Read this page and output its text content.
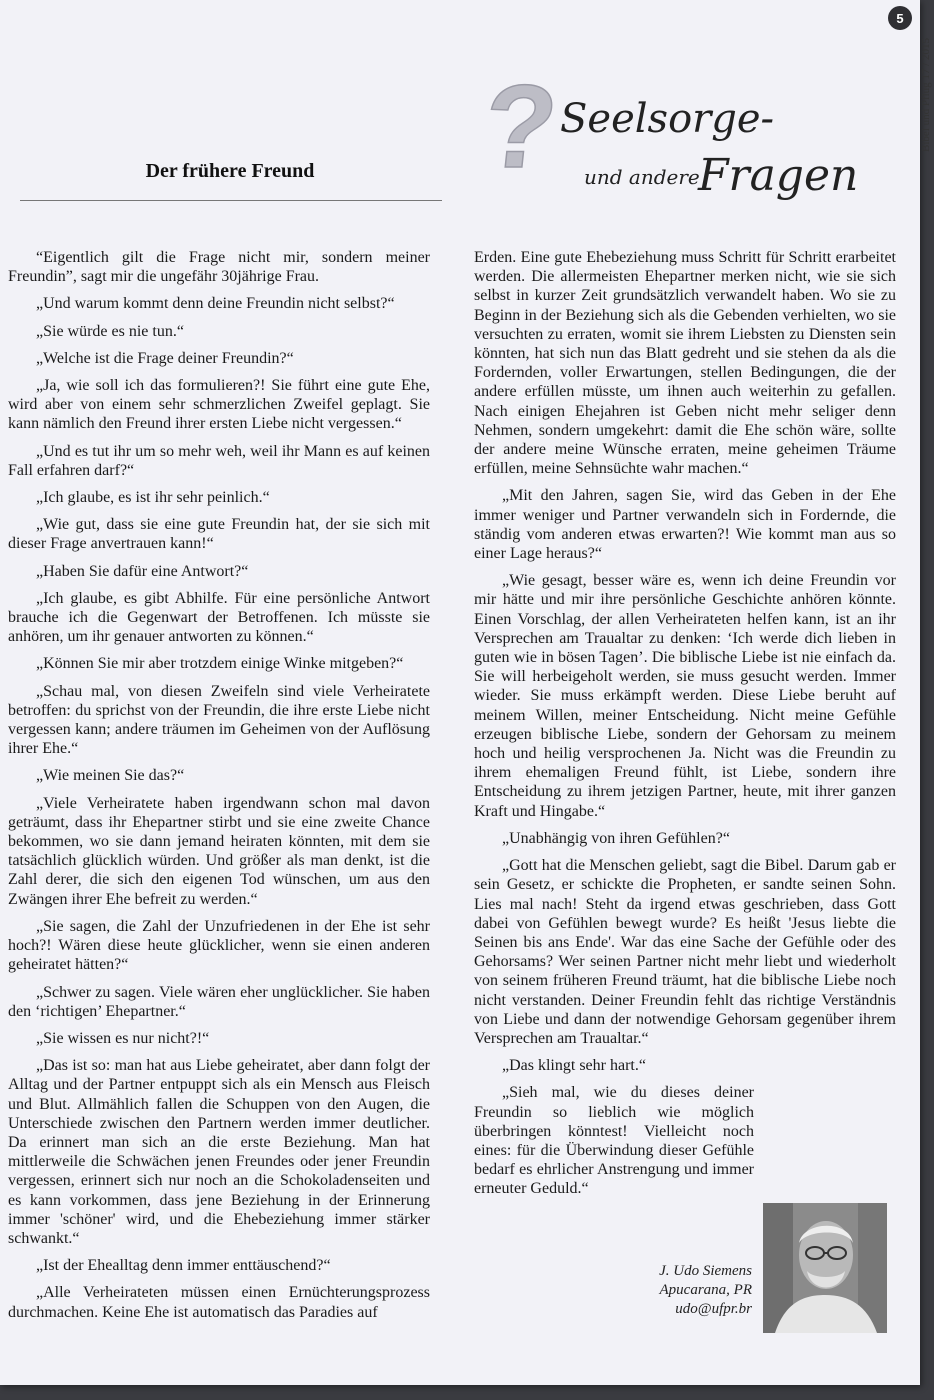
5
Bibel und Pflug 17 / 2015
?
Seelsorge-
und andere
Fragen
Der frühere Freund

“Eigentlich gilt die Frage nicht mir, sondern meiner Freundin”, sagt mir die ungefähr 30jährige Frau.

„Und warum kommt denn deine Freundin nicht selbst?“

„Sie würde es nie tun.“

„Welche ist die Frage deiner Freundin?“

„Ja, wie soll ich das formulieren?! Sie führt eine gute Ehe, wird aber von einem sehr schmerzlichen Zweifel geplagt. Sie kann nämlich den Freund ihrer ersten Liebe nicht vergessen.“

„Und es tut ihr um so mehr weh, weil ihr Mann es auf keinen Fall erfahren darf?“

„Ich glaube, es ist ihr sehr peinlich.“

„Wie gut, dass sie eine gute Freundin hat, der sie sich mit dieser Frage anvertrauen kann!“

„Haben Sie dafür eine Antwort?“

„Ich glaube, es gibt Abhilfe. Für eine persönliche Antwort brauche ich die Gegenwart der Betroffenen. Ich müsste sie anhören, um ihr genauer antworten zu können.“

„Können Sie mir aber trotzdem einige Winke mitgeben?“

„Schau mal, von diesen Zweifeln sind viele Verheiratete betroffen: du sprichst von der Freundin, die ihre erste Liebe nicht vergessen kann; andere träumen im Geheimen von der Auflösung ihrer Ehe.“

„Wie meinen Sie das?“

„Viele Verheiratete haben irgendwann schon mal davon geträumt, dass ihr Ehepartner stirbt und sie eine zweite Chance bekommen, wo sie dann jemand heiraten könnten, mit dem sie tatsächlich glücklich würden. Und größer als man denkt, ist die Zahl derer, die sich den eigenen Tod wünschen, um aus den Zwängen ihrer Ehe befreit zu werden.“

„Sie sagen, die Zahl der Unzufriedenen in der Ehe ist sehr hoch?! Wären diese heute glücklicher, wenn sie einen anderen geheiratet hätten?“

„Schwer zu sagen. Viele wären eher unglücklicher. Sie haben den ‘richtigen’ Ehepartner.“

„Sie wissen es nur nicht?!“

„Das ist so: man hat aus Liebe geheiratet, aber dann folgt der Alltag und der Partner entpuppt sich als ein Mensch aus Fleisch und Blut. Allmählich fallen die Schuppen von den Augen, die Unterschiede zwischen den Partnern werden immer deutlicher. Da erinnert man sich an die erste Beziehung. Man hat mittlerweile die Schwächen jenen Freundes oder jener Freundin vergessen, erinnert sich nur noch an die Schokoladenseiten und es kann vorkommen, dass jene Beziehung in der Erinnerung immer 'schöner' wird, und die Ehebeziehung immer stärker schwankt.“

„Ist der Ehealltag denn immer enttäuschend?“

„Alle Verheirateten müssen einen Ernüchterungsprozess durchmachen. Keine Ehe ist automatisch das Paradies auf

Erden. Eine gute Ehebeziehung muss Schritt für Schritt erarbeitet werden. Die allermeisten Ehepartner merken nicht, wie sie sich selbst in kurzer Zeit grundsätzlich verwandelt haben. Wo sie zu Beginn in der Beziehung sich als die Gebenden verhielten, wo sie versuchten zu erraten, womit sie ihrem Liebsten zu Diensten sein könnten, hat sich nun das Blatt gedreht und sie stehen da als die Fordernden, voller Erwartungen, stellen Bedingungen, die der andere erfüllen müsste, um ihnen auch weiterhin zu gefallen. Nach einigen Ehejahren ist Geben nicht mehr seliger denn Nehmen, sondern umgekehrt: damit die Ehe schön wäre, sollte der andere meine Wünsche erraten, meine geheimen Träume erfüllen, meine Sehnsüchte wahr machen.“

„Mit den Jahren, sagen Sie, wird das Geben in der Ehe immer weniger und Partner verwandeln sich in Fordernde, die ständig vom anderen etwas erwarten?! Wie kommt man aus so einer Lage heraus?“

„Wie gesagt, besser wäre es, wenn ich deine Freundin vor mir hätte und mir ihre persönliche Geschichte anhören könnte. Einen Vorschlag, der allen Verheirateten helfen kann, ist an ihr Versprechen am Traualtar zu denken: ‘Ich werde dich lieben in guten wie in bösen Tagen’. Die biblische Liebe ist nie einfach da. Sie will herbeigeholt werden, sie muss gesucht werden. Immer wieder. Sie muss erkämpft werden. Diese Liebe beruht auf meinem Willen, meiner Entscheidung. Nicht meine Gefühle erzeugen biblische Liebe, sondern der Gehorsam zu meinem hoch und heilig versprochenen Ja. Nicht was die Freundin zu ihrem ehemaligen Freund fühlt, ist Liebe, sondern ihre Entscheidung zu ihrem jetzigen Partner, heute, mit ihrer ganzen Kraft und Hingabe.“

„Unabhängig von ihren Gefühlen?“

„Gott hat die Menschen geliebt, sagt die Bibel. Darum gab er sein Gesetz, er schickte die Propheten, er sandte seinen Sohn. Lies mal nach! Steht da irgend etwas geschrieben, dass Gott dabei von Gefühlen bewegt wurde? Es heißt 'Jesus liebte die Seinen bis ans Ende'. War das eine Sache der Gefühle oder des Gehorsams? Wer seinen Partner nicht mehr liebt und wiederholt von seinem früheren Freund träumt, hat die biblische Liebe noch nicht verstanden. Deiner Freundin fehlt das richtige Verständnis von Liebe und dann der notwendige Gehorsam gegenüber ihrem Versprechen am Traualtar.“

„Das klingt sehr hart.“

„Sieh mal, wie du dieses deiner Freundin so lieblich wie möglich überbringen könntest! Vielleicht noch eines: für die Überwindung dieser Gefühle bedarf es ehrlicher Anstrengung und immer erneuter Geduld.“

J. Udo Siemens
Apucarana, PR
udo@ufpr.br
